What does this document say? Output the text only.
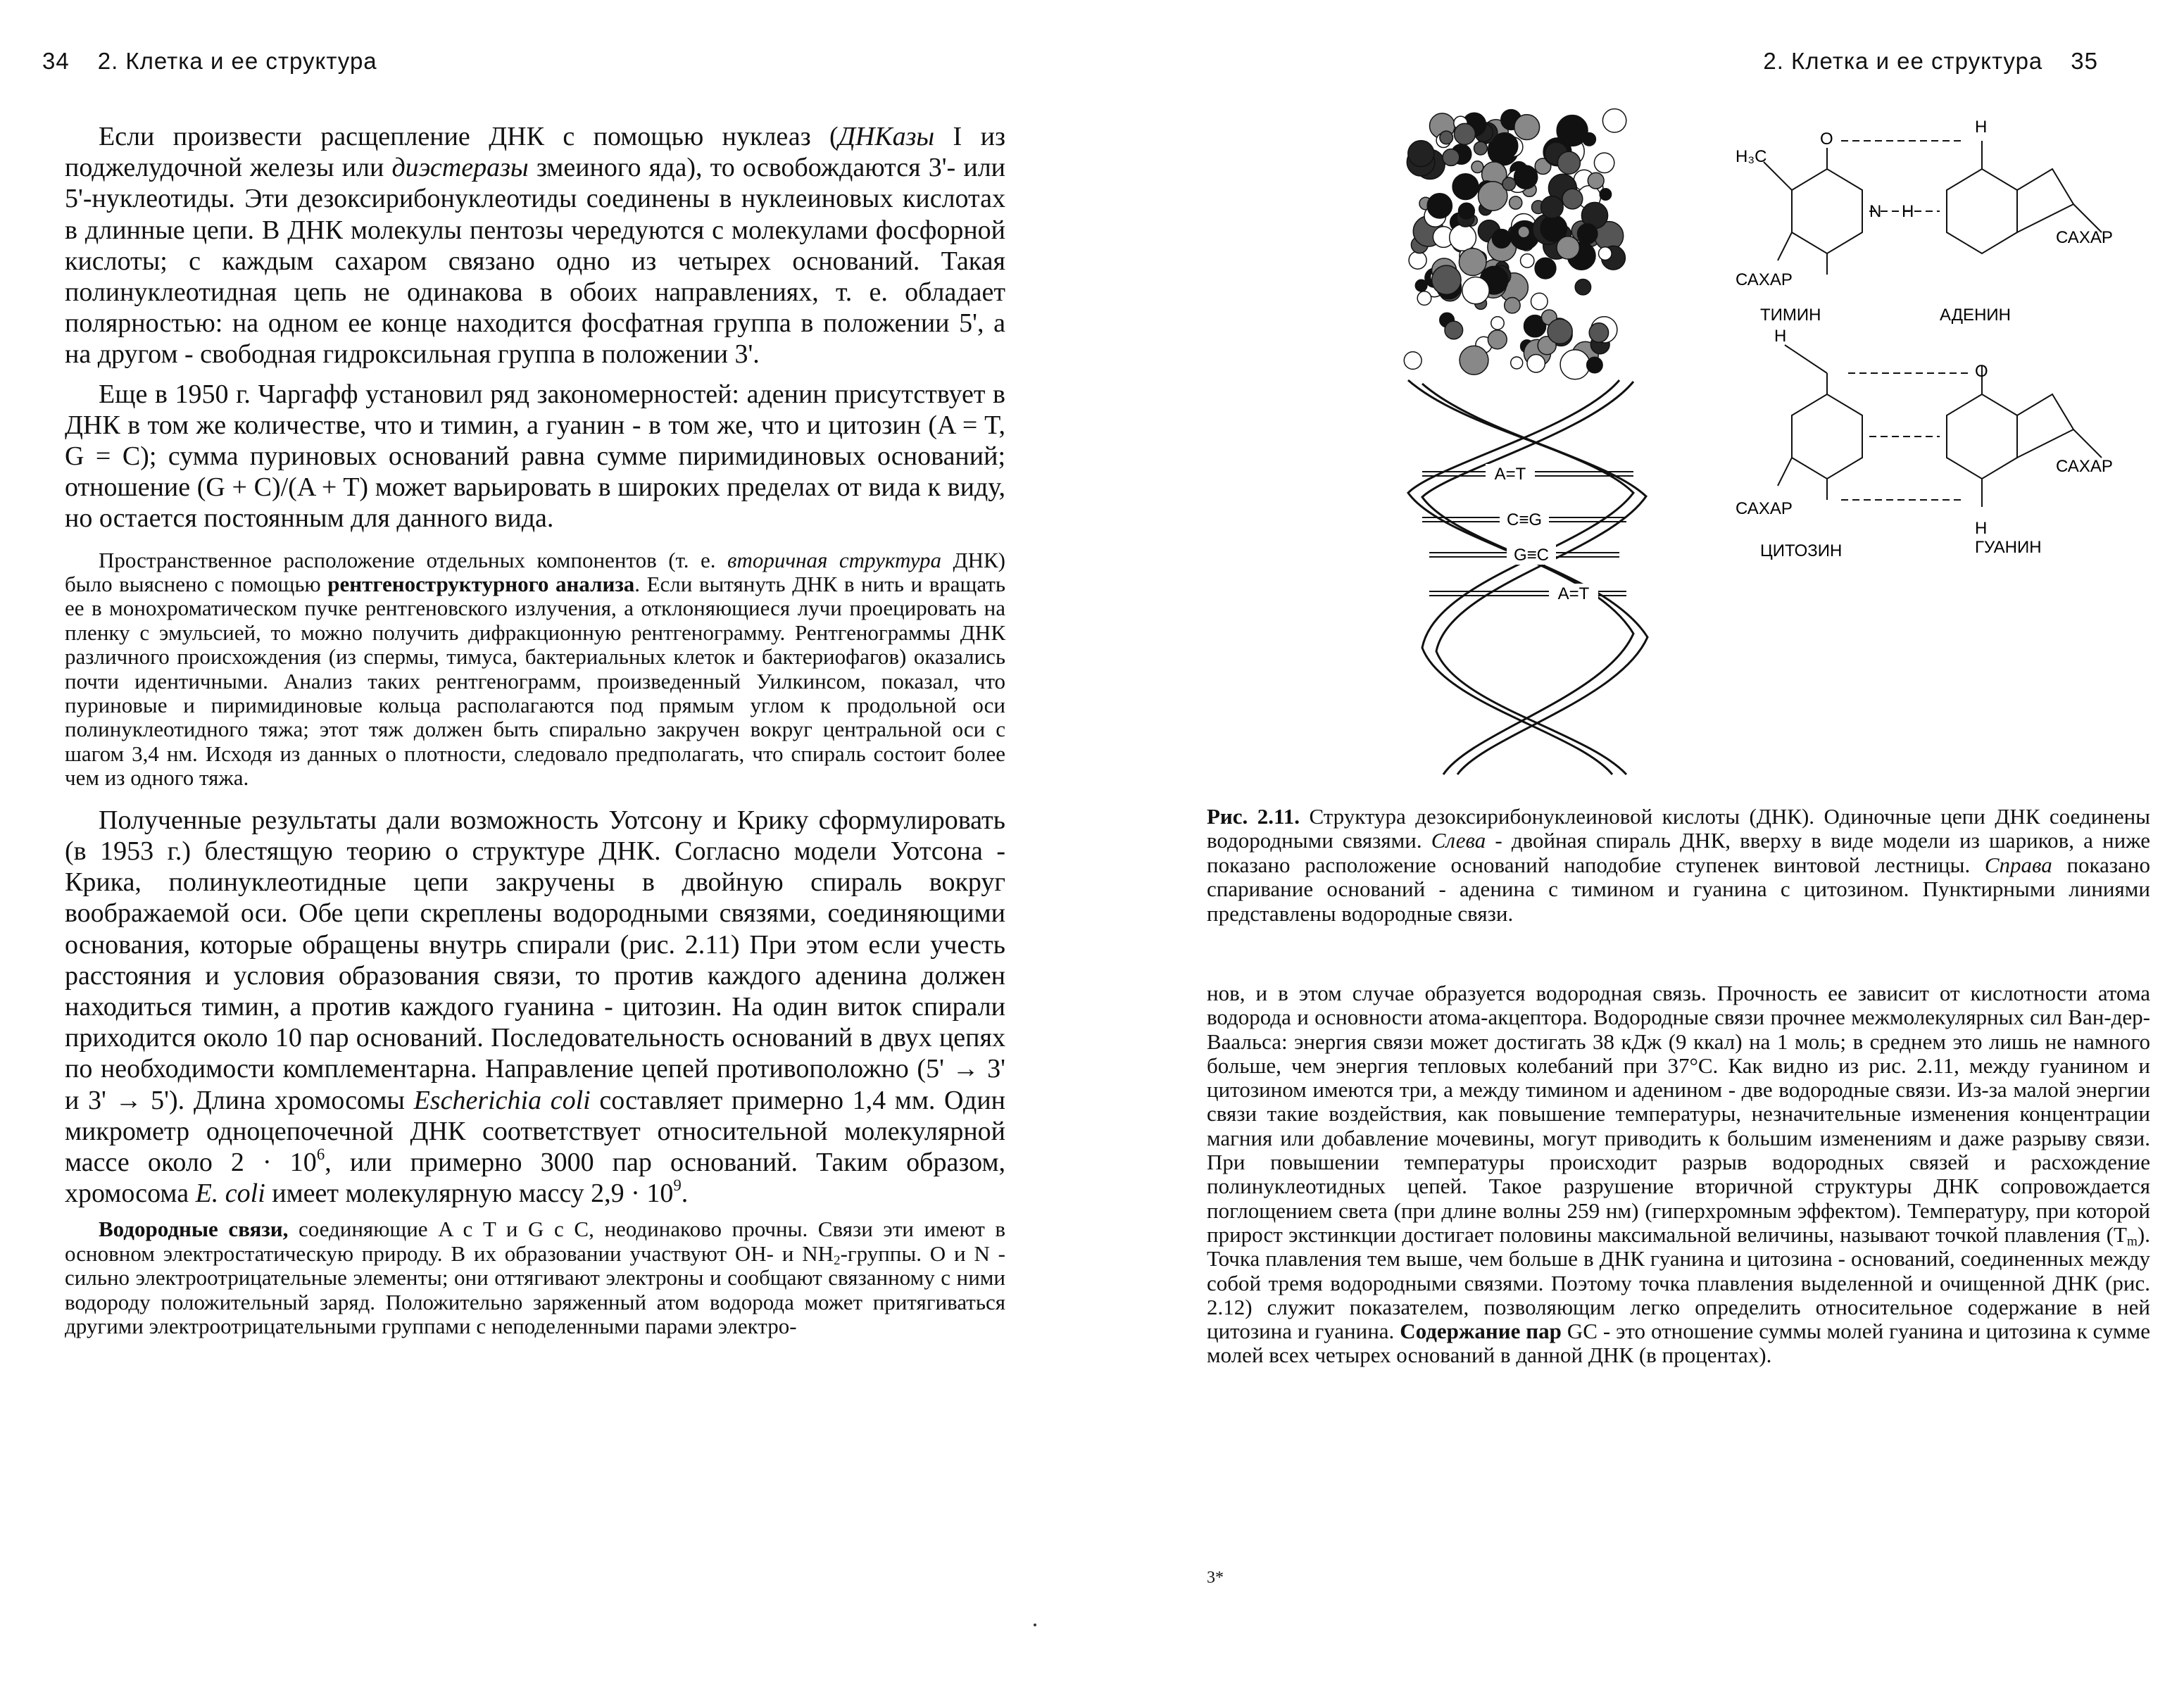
34 2. Клетка и ее структура

Если произвести расщепление ДНК с помощью нуклеаз (ДНКазы I из поджелудочной железы или диэстеразы змеиного яда), то освобождаются 3'- или 5'-нуклеотиды. Эти дезоксирибонуклеотиды соединены в нуклеиновых кислотах в длинные цепи. В ДНК молекулы пентозы чередуются с молекулами фосфорной кислоты; с каждым сахаром связано одно из четырех оснований. Такая полинуклеотидная цепь не одинакова в обоих направлениях, т. е. обладает полярностью: на одном ее конце находится фосфатная группа в положении 5', а на другом - свободная гидроксильная группа в положении 3'.

Еще в 1950 г. Чаргафф установил ряд закономерностей: аденин присутствует в ДНК в том же количестве, что и тимин, а гуанин - в том же, что и цитозин (A = T, G = C); сумма пуриновых оснований равна сумме пиримидиновых оснований; отношение (G + C)/(A + T) может варьировать в широких пределах от вида к виду, но остается постоянным для данного вида.

Пространственное расположение отдельных компонентов (т. е. вторичная структура ДНК) было выяснено с помощью рентгеноструктурного анализа. Если вытянуть ДНК в нить и вращать ее в монохроматическом пучке рентгеновского излучения, а отклоняющиеся лучи проецировать на пленку с эмульсией, то можно получить дифракционную рентгенограмму. Рентгенограммы ДНК различного происхождения (из спермы, тимуса, бактериальных клеток и бактериофагов) оказались почти идентичными. Анализ таких рентгенограмм, произведенный Уилкинсом, показал, что пуриновые и пиримидиновые кольца располагаются под прямым углом к продольной оси полинуклеотидного тяжа; этот тяж должен быть спирально закручен вокруг центральной оси с шагом 3,4 нм. Исходя из данных о плотности, следовало предполагать, что спираль состоит более чем из одного тяжа.

Полученные результаты дали возможность Уотсону и Крику сформулировать (в 1953 г.) блестящую теорию о структуре ДНК. Согласно модели Уотсона - Крика, полинуклеотидные цепи закручены в двойную спираль вокруг воображаемой оси. Обе цепи скреплены водородными связями, соединяющими основания, которые обращены внутрь спирали (рис. 2.11) При этом если учесть расстояния и условия образования связи, то против каждого аденина должен находиться тимин, а против каждого гуанина - цитозин. На один виток спирали приходится около 10 пар оснований. Последовательность оснований в двух цепях по необходимости комплементарна. Направление цепей противоположно (5' → 3' и 3' → 5'). Длина хромосомы Escherichia coli составляет примерно 1,4 мм. Один микрометр одноцепочечной ДНК соответствует относительной молекулярной массе около $2 \cdot 10^6$, или примерно 3000 пар оснований. Таким образом, хромосома E. coli имеет молекулярную массу $2,9 \cdot 10^9$.

Водородные связи, соединяющие A с T и G с C, неодинаково прочны. Связи эти имеют в основном электростатическую природу. В их образовании участвуют OH- и $NH_2$-группы. O и N - сильно электроотрицательные элементы; они оттягивают электроны и сообщают связанному с ними водороду положительный заряд. Положительно заряженный атом водорода может притягиваться другими электроотрицательными группами с неподеленными парами электро-

2. Клетка и ее структура 35
A=T
C≡G
G≡C
A=T
H₃C
O
N H
H
САХАР
САХАР
ТИМИН	АДЕНИН
H
O
H
САХАР
САХАР
ЦИТОЗИН	ГУАНИН

Рис. 2.11. Структура дезоксирибонуклеиновой кислоты (ДНК). Одиночные цепи ДНК соединены водородными связями. Слева - двойная спираль ДНК, вверху в виде модели из шариков, а ниже показано расположение оснований наподобие ступенек винтовой лестницы. Справа показано спаривание оснований - аденина с тимином и гуанина с цитозином. Пунктирными линиями представлены водородные связи.

нов, и в этом случае образуется водородная связь. Прочность ее зависит от кислотности атома водорода и основности атома-акцептора. Водородные связи прочнее межмолекулярных сил Ван-дер-Ваальса: энергия связи может достигать 38 кДж (9 ккал) на 1 моль; в среднем это лишь не намного больше, чем энергия тепловых колебаний при 37°C. Как видно из рис. 2.11, между гуанином и цитозином имеются три, а между тимином и аденином - две водородные связи. Из-за малой энергии связи такие воздействия, как повышение температуры, незначительные изменения концентрации магния или добавление мочевины, могут приводить к большим изменениям и даже разрыву связи. При повышении температуры происходит разрыв водородных связей и расхождение полинуклеотидных цепей. Такое разрушение вторичной структуры ДНК сопровождается поглощением света (при длине волны 259 нм) (гиперхромным эффектом). Температуру, при которой прирост экстинкции достигает половины максимальной величины, называют точкой плавления $(T_m)$. Точка плавления тем выше, чем больше в ДНК гуанина и цитозина - оснований, соединенных между собой тремя водородными связями. Поэтому точка плавления выделенной и очищенной ДНК (рис. 2.12) служит показателем, позволяющим легко определить относительное содержание в ней цитозина и гуанина. Содержание пар GC - это отношение суммы молей гуанина и цитозина к сумме молей всех четырех оснований в данной ДНК (в процентах).

3*
